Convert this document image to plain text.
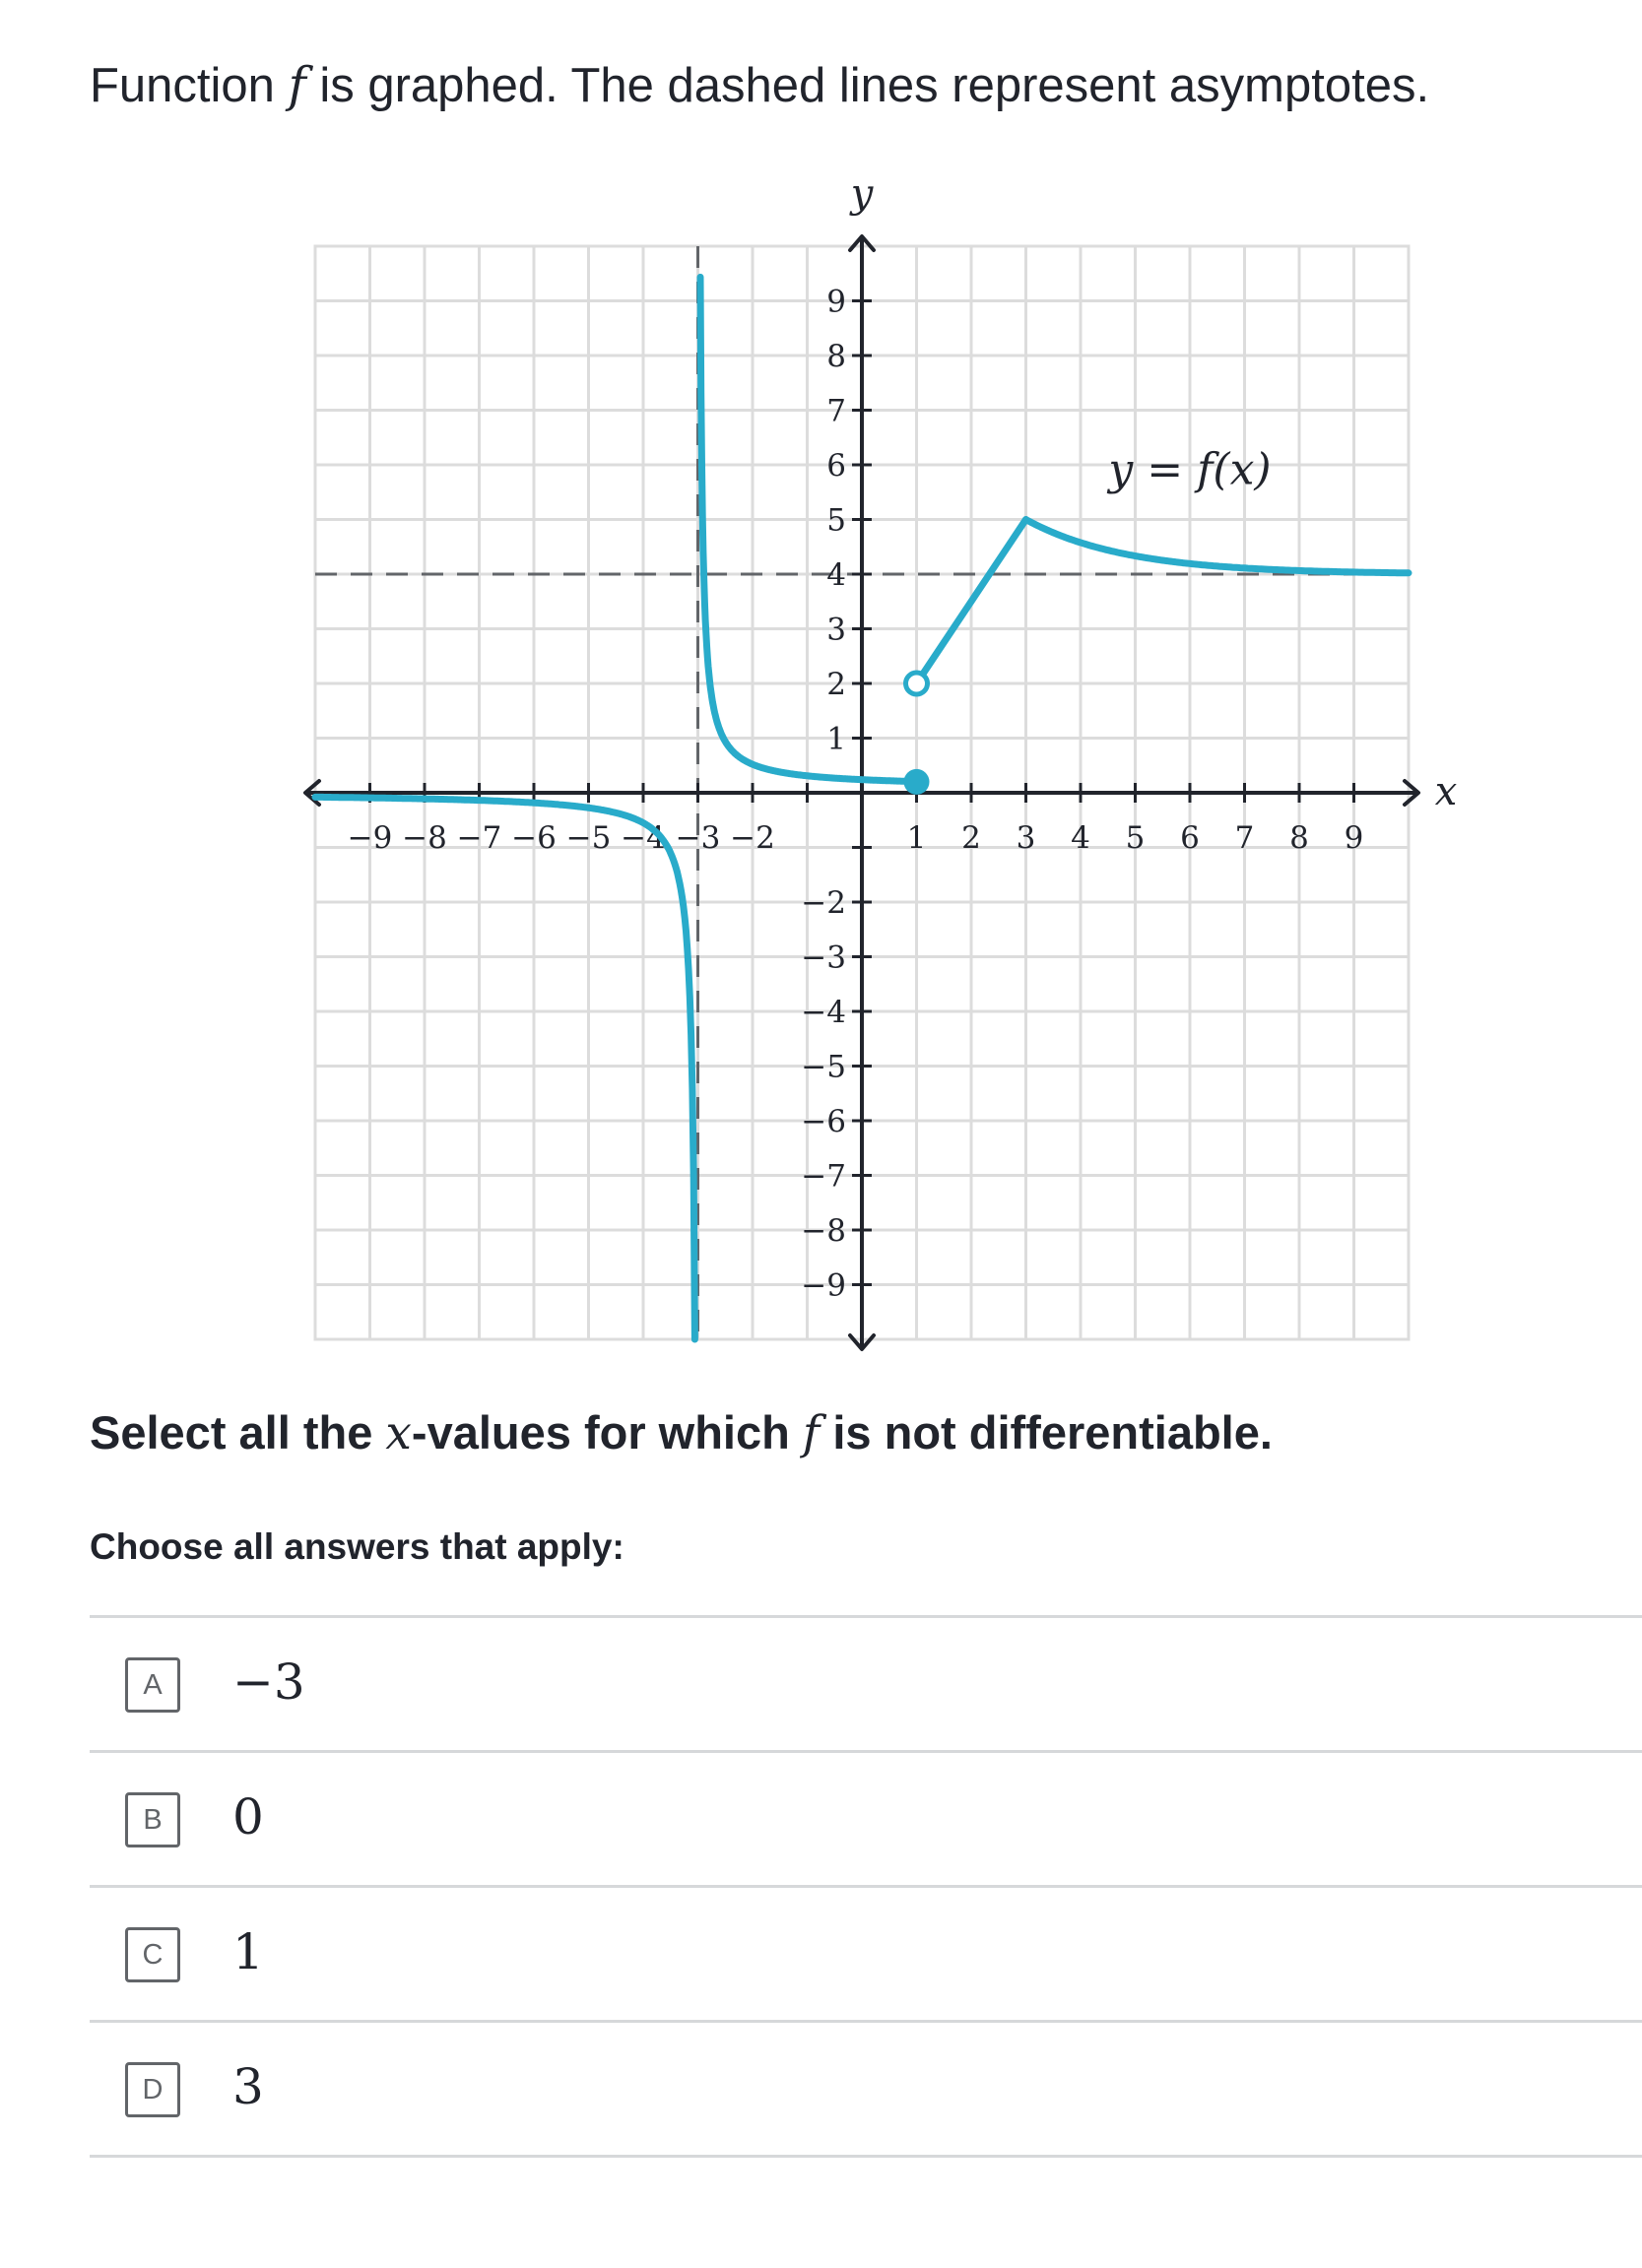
Function f is graphed. The dashed lines represent asymptotes.
−9 −8 −7 −6 −5 −4 −3 −2	1 2 3 4 5 6 7 8 9
9
8
7
6
5
4
3
2
1
−2
−3
−4
−5
−6
−7
−8
−9
y
x
y = f(x)
Select all the x-values for which f is not differentiable.
Choose all answers that apply:
A	−3
B	0
C	1
D	3
